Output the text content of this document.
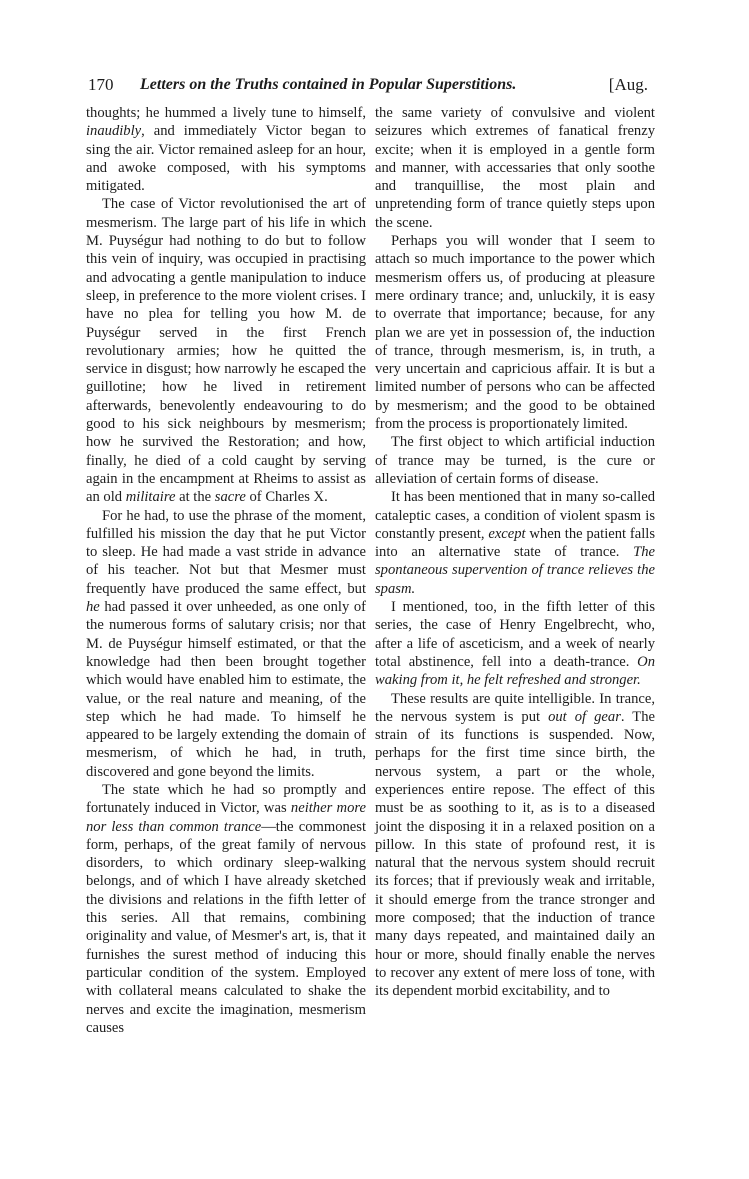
170 Letters on the Truths contained in Popular Superstitions.	[Aug.

thoughts; he hummed a lively tune to himself, inaudibly, and immediately Victor began to sing the air. Victor remained asleep for an hour, and awoke composed, with his symptoms mitigated.

The case of Victor revolutionised the art of mesmerism. The large part of his life in which M. Puységur had nothing to do but to follow this vein of inquiry, was occupied in practising and advocating a gentle manipulation to induce sleep, in preference to the more violent crises. I have no plea for telling you how M. de Puységur served in the first French revolutionary armies; how he quitted the service in disgust; how narrowly he escaped the guillotine; how he lived in retirement afterwards, benevolently endeavouring to do good to his sick neighbours by mesmerism; how he survived the Restoration; and how, finally, he died of a cold caught by serving again in the encampment at Rheims to assist as an old militaire at the sacre of Charles X.

For he had, to use the phrase of the moment, fulfilled his mission the day that he put Victor to sleep. He had made a vast stride in advance of his teacher. Not but that Mesmer must frequently have produced the same effect, but he had passed it over unheeded, as one only of the numerous forms of salutary crisis; nor that M. de Puységur himself estimated, or that the knowledge had then been brought together which would have enabled him to estimate, the value, or the real nature and meaning, of the step which he had made. To himself he appeared to be largely extending the domain of mesmerism, of which he had, in truth, discovered and gone beyond the limits.

The state which he had so promptly and fortunately induced in Victor, was neither more nor less than common trance—the commonest form, perhaps, of the great family of nervous disorders, to which ordinary sleep-walking belongs, and of which I have already sketched the divisions and relations in the fifth letter of this series. All that remains, combining originality and value, of Mesmer's art, is, that it furnishes the surest method of inducing this particular condition of the system. Employed with collateral means calculated to shake the nerves and excite the imagination, mesmerism causes

the same variety of convulsive and violent seizures which extremes of fanatical frenzy excite; when it is employed in a gentle form and manner, with accessaries that only soothe and tranquillise, the most plain and unpretending form of trance quietly steps upon the scene.

Perhaps you will wonder that I seem to attach so much importance to the power which mesmerism offers us, of producing at pleasure mere ordinary trance; and, unluckily, it is easy to overrate that importance; because, for any plan we are yet in possession of, the induction of trance, through mesmerism, is, in truth, a very uncertain and capricious affair. It is but a limited number of persons who can be affected by mesmerism; and the good to be obtained from the process is proportionately limited.

The first object to which artificial induction of trance may be turned, is the cure or alleviation of certain forms of disease.

It has been mentioned that in many so-called cataleptic cases, a condition of violent spasm is constantly present, except when the patient falls into an alternative state of trance. The spontaneous supervention of trance relieves the spasm.

I mentioned, too, in the fifth letter of this series, the case of Henry Engelbrecht, who, after a life of asceticism, and a week of nearly total abstinence, fell into a death-trance. On waking from it, he felt refreshed and stronger.

These results are quite intelligible. In trance, the nervous system is put out of gear. The strain of its functions is suspended. Now, perhaps for the first time since birth, the nervous system, a part or the whole, experiences entire repose. The effect of this must be as soothing to it, as is to a diseased joint the disposing it in a relaxed position on a pillow. In this state of profound rest, it is natural that the nervous system should recruit its forces; that if previously weak and irritable, it should emerge from the trance stronger and more composed; that the induction of trance many days repeated, and maintained daily an hour or more, should finally enable the nerves to recover any extent of mere loss of tone, with its dependent morbid excitability, and to
